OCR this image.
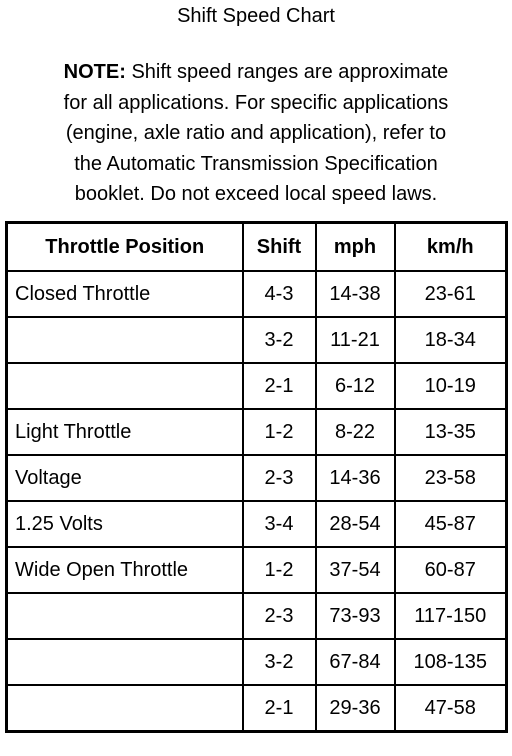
Shift Speed Chart
NOTE: Shift speed ranges are approximate
for all applications. For specific applications
(engine, axle ratio and application), refer to
the Automatic Transmission Specification
booklet. Do not exceed local speed laws.
Throttle Position	Shift	mph	km/h
Closed Throttle	4-3	14-38	23-61
	3-2	11-21	18-34
	2-1	6-12	10-19
Light Throttle	1-2	8-22	13-35
Voltage	2-3	14-36	23-58
1.25 Volts	3-4	28-54	45-87
Wide Open Throttle	1-2	37-54	60-87
	2-3	73-93	117-150
	3-2	67-84	108-135
	2-1	29-36	47-58
